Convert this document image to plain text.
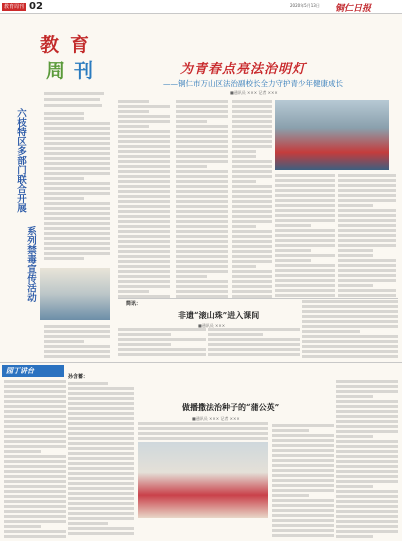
教育周刊 02	2020年5月13日 铜仁日报
教 育
周 刊
六枝特区多部门联合开展
系列禁毒宣传活动
为青春点亮法治明灯
——铜仁市万山区法治副校长全力守护青少年健康成长
■通讯员 ××× 记者 ×××
简讯：
非遗“滚山珠”进入课间
■通讯员 ×××
园丁讲台
孙含蓄：
做播撒法治种子的“蒲公英”
■通讯员 ××× 记者 ×××
